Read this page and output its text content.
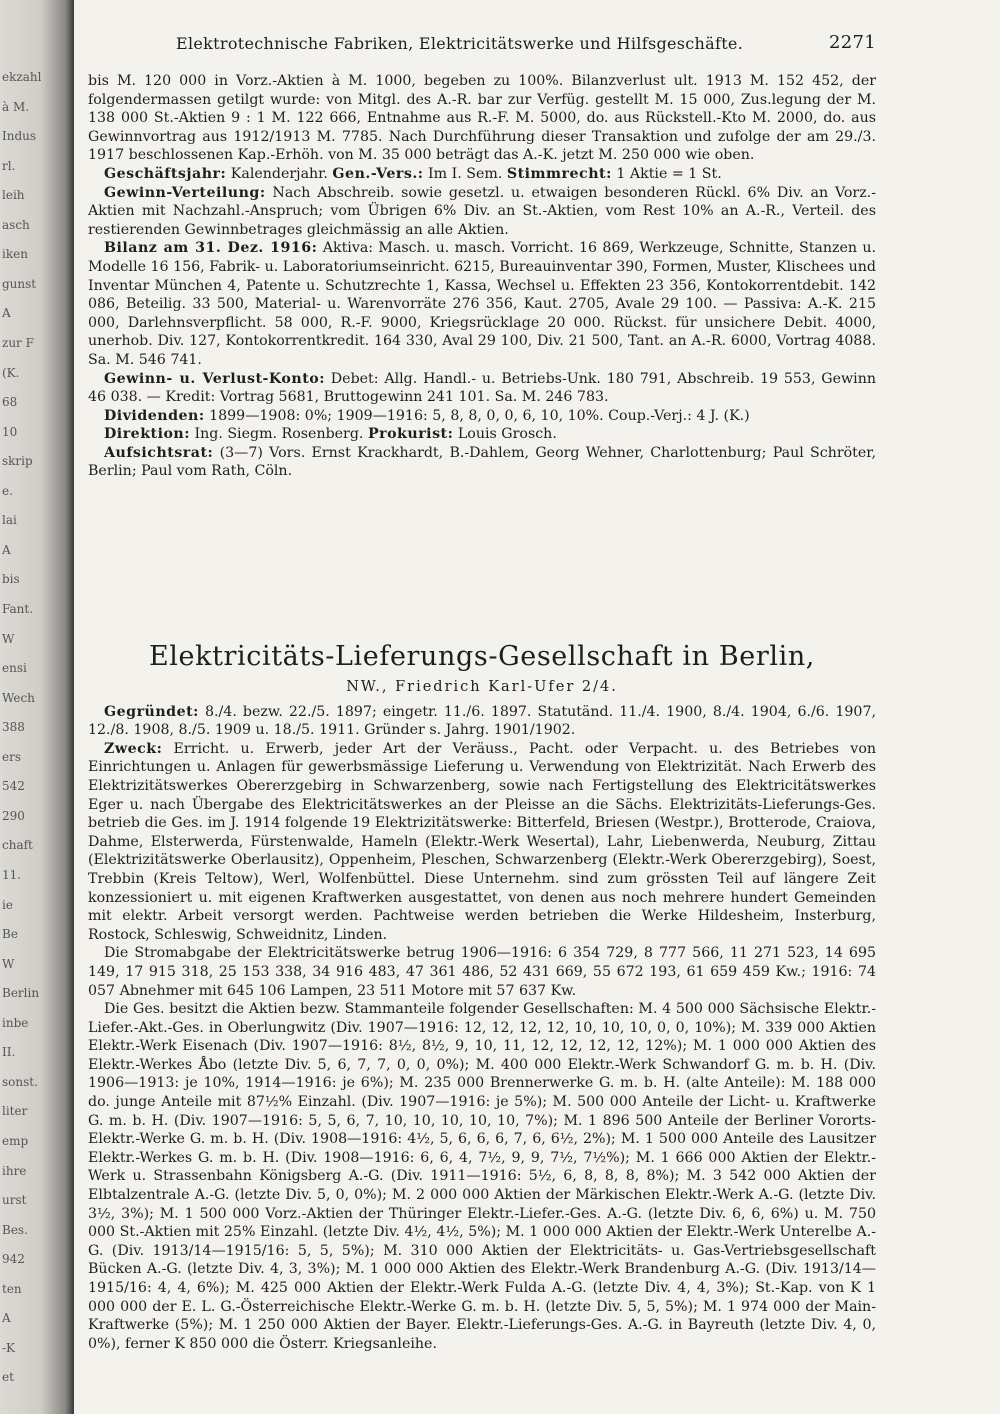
ekzahl
à M.
Indus
rl.
leih
asch
iken
gunst
A
zur F
(K.
68
10
skrip
e.
lai
A
bis
Fant.
W
ensi
Wech
388
ers
542
290
chaft
11.
ie
Be
W
Berlin
inbe
II.
sonst.
liter
emp
ihre
urst
Bes.
942
ten
A
-K
et
Elektrotechnische Fabriken, Elektricitätswerke und Hilfsgeschäfte.	2271

bis M. 120 000 in Vorz.-Aktien à M. 1000, begeben zu 100%. Bilanzverlust ult. 1913 M. 152 452, der folgendermassen getilgt wurde: von Mitgl. des A.-R. bar zur Verfüg. gestellt M. 15 000, Zus.legung der M. 138 000 St.-Aktien 9 : 1 M. 122 666, Entnahme aus R.-F. M. 5000, do. aus Rückstell.-Kto M. 2000, do. aus Gewinnvortrag aus 1912/1913 M. 7785. Nach Durchführung dieser Transaktion und zufolge der am 29./3. 1917 beschlossenen Kap.-Erhöh. von M. 35 000 beträgt das A.-K. jetzt M. 250 000 wie oben.

Geschäftsjahr: Kalenderjahr. Gen.-Vers.: Im I. Sem. Stimmrecht: 1 Aktie = 1 St.

Gewinn-Verteilung: Nach Abschreib. sowie gesetzl. u. etwaigen besonderen Rückl. 6% Div. an Vorz.-Aktien mit Nachzahl.-Anspruch; vom Übrigen 6% Div. an St.-Aktien, vom Rest 10% an A.-R., Verteil. des restierenden Gewinnbetrages gleichmässig an alle Aktien.

Bilanz am 31. Dez. 1916: Aktiva: Masch. u. masch. Vorricht. 16 869, Werkzeuge, Schnitte, Stanzen u. Modelle 16 156, Fabrik- u. Laboratoriumseinricht. 6215, Bureauinventar 390, Formen, Muster, Klischees und Inventar München 4, Patente u. Schutzrechte 1, Kassa, Wechsel u. Effekten 23 356, Kontokorrentdebit. 142 086, Beteilig. 33 500, Material- u. Warenvorräte 276 356, Kaut. 2705, Avale 29 100. — Passiva: A.-K. 215 000, Darlehnsverpflicht. 58 000, R.-F. 9000, Kriegsrücklage 20 000. Rückst. für unsichere Debit. 4000, unerhob. Div. 127, Kontokorrentkredit. 164 330, Aval 29 100, Div. 21 500, Tant. an A.-R. 6000, Vortrag 4088. Sa. M. 546 741.

Gewinn- u. Verlust-Konto: Debet: Allg. Handl.- u. Betriebs-Unk. 180 791, Abschreib. 19 553, Gewinn 46 038. — Kredit: Vortrag 5681, Bruttogewinn 241 101. Sa. M. 246 783.

Dividenden: 1899—1908: 0%; 1909—1916: 5, 8, 8, 0, 0, 6, 10, 10%. Coup.-Verj.: 4 J. (K.)

Direktion: Ing. Siegm. Rosenberg. Prokurist: Louis Grosch.

Aufsichtsrat: (3—7) Vors. Ernst Krackhardt, B.-Dahlem, Georg Wehner, Charlottenburg; Paul Schröter, Berlin; Paul vom Rath, Cöln.

Elektricitäts-Lieferungs-Gesellschaft in Berlin,
NW., Friedrich Karl-Ufer 2/4.

Gegründet: 8./4. bezw. 22./5. 1897; eingetr. 11./6. 1897. Statutänd. 11./4. 1900, 8./4. 1904, 6./6. 1907, 12./8. 1908, 8./5. 1909 u. 18./5. 1911. Gründer s. Jahrg. 1901/1902.

Zweck: Erricht. u. Erwerb, jeder Art der Veräuss., Pacht. oder Verpacht. u. des Betriebes von Einrichtungen u. Anlagen für gewerbsmässige Lieferung u. Verwendung von Elektrizität. Nach Erwerb des Elektrizitätswerkes Obererzgebirg in Schwarzenberg, sowie nach Fertigstellung des Elektricitätswerkes Eger u. nach Übergabe des Elektricitätswerkes an der Pleisse an die Sächs. Elektrizitäts-Lieferungs-Ges. betrieb die Ges. im J. 1914 folgende 19 Elektrizitätswerke: Bitterfeld, Briesen (Westpr.), Brotterode, Craiova, Dahme, Elsterwerda, Fürstenwalde, Hameln (Elektr.-Werk Wesertal), Lahr, Liebenwerda, Neuburg, Zittau (Elektrizitätswerke Oberlausitz), Oppenheim, Pleschen, Schwarzenberg (Elektr.-Werk Obererzgebirg), Soest, Trebbin (Kreis Teltow), Werl, Wolfenbüttel. Diese Unternehm. sind zum grössten Teil auf längere Zeit konzessioniert u. mit eigenen Kraftwerken ausgestattet, von denen aus noch mehrere hundert Gemeinden mit elektr. Arbeit versorgt werden. Pachtweise werden betrieben die Werke Hildesheim, Insterburg, Rostock, Schleswig, Schweidnitz, Linden.

Die Stromabgabe der Elektricitätswerke betrug 1906—1916: 6 354 729, 8 777 566, 11 271 523, 14 695 149, 17 915 318, 25 153 338, 34 916 483, 47 361 486, 52 431 669, 55 672 193, 61 659 459 Kw.; 1916: 74 057 Abnehmer mit 645 106 Lampen, 23 511 Motore mit 57 637 Kw.

Die Ges. besitzt die Aktien bezw. Stammanteile folgender Gesellschaften: M. 4 500 000 Sächsische Elektr.-Liefer.-Akt.-Ges. in Oberlungwitz (Div. 1907—1916: 12, 12, 12, 12, 10, 10, 10, 0, 0, 10%); M. 339 000 Aktien Elektr.-Werk Eisenach (Div. 1907—1916: 8½, 8½, 9, 10, 11, 12, 12, 12, 12, 12%); M. 1 000 000 Aktien des Elektr.-Werkes Åbo (letzte Div. 5, 6, 7, 7, 0, 0, 0%); M. 400 000 Elektr.-Werk Schwandorf G. m. b. H. (Div. 1906—1913: je 10%, 1914—1916: je 6%); M. 235 000 Brennerwerke G. m. b. H. (alte Anteile): M. 188 000 do. junge Anteile mit 87½% Einzahl. (Div. 1907—1916: je 5%); M. 500 000 Anteile der Licht- u. Kraftwerke G. m. b. H. (Div. 1907—1916: 5, 5, 6, 7, 10, 10, 10, 10, 10, 7%); M. 1 896 500 Anteile der Berliner Vororts-Elektr.-Werke G. m. b. H. (Div. 1908—1916: 4½, 5, 6, 6, 6, 7, 6, 6½, 2%); M. 1 500 000 Anteile des Lausitzer Elektr.-Werkes G. m. b. H. (Div. 1908—1916: 6, 6, 4, 7½, 9, 9, 7½, 7½%); M. 1 666 000 Aktien der Elektr.-Werk u. Strassenbahn Königsberg A.-G. (Div. 1911—1916: 5½, 6, 8, 8, 8, 8%); M. 3 542 000 Aktien der Elbtalzentrale A.-G. (letzte Div. 5, 0, 0%); M. 2 000 000 Aktien der Märkischen Elektr.-Werk A.-G. (letzte Div. 3½, 3%); M. 1 500 000 Vorz.-Aktien der Thüringer Elektr.-Liefer.-Ges. A.-G. (letzte Div. 6, 6, 6%) u. M. 750 000 St.-Aktien mit 25% Einzahl. (letzte Div. 4½, 4½, 5%); M. 1 000 000 Aktien der Elektr.-Werk Unterelbe A.-G. (Div. 1913/14—1915/16: 5, 5, 5%); M. 310 000 Aktien der Elektricitäts- u. Gas-Vertriebsgesellschaft Bücken A.-G. (letzte Div. 4, 3, 3%); M. 1 000 000 Aktien des Elektr.-Werk Brandenburg A.-G. (Div. 1913/14—1915/16: 4, 4, 6%); M. 425 000 Aktien der Elektr.-Werk Fulda A.-G. (letzte Div. 4, 4, 3%); St.-Kap. von K 1 000 000 der E. L. G.-Österreichische Elektr.-Werke G. m. b. H. (letzte Div. 5, 5, 5%); M. 1 974 000 der Main-Kraftwerke (5%); M. 1 250 000 Aktien der Bayer. Elektr.-Lieferungs-Ges. A.-G. in Bayreuth (letzte Div. 4, 0, 0%), ferner K 850 000 die Österr. Kriegsanleihe.
